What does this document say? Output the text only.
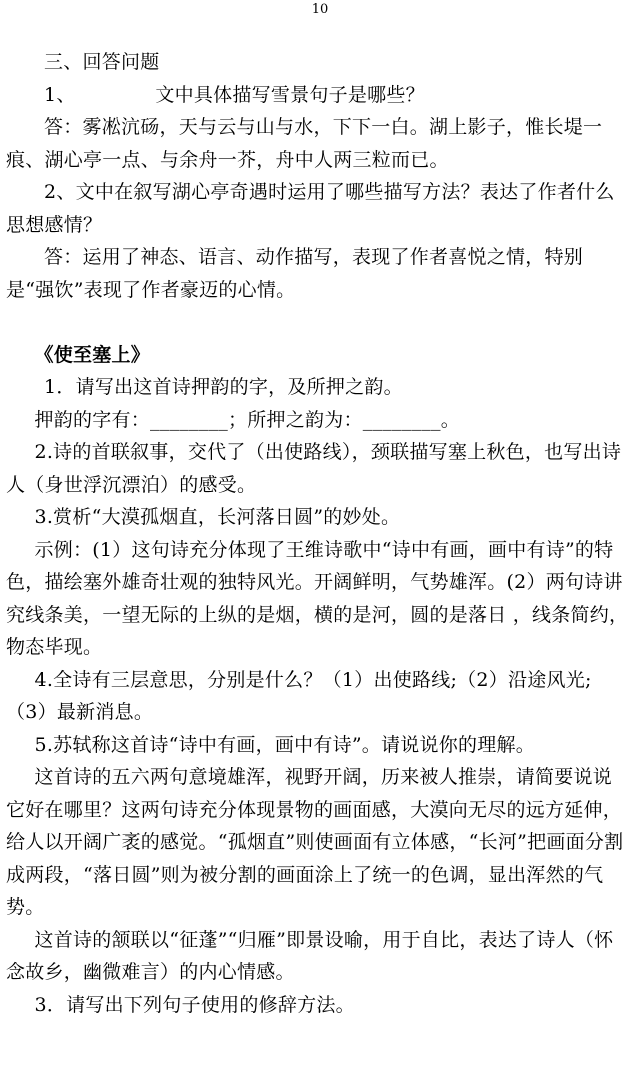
10

三、回答问题

1、	文中具体描写雪景句子是哪些？

答：雾凇沆砀，天与云与山与水，下下一白。湖上影子，惟长堤一痕、湖心亭一点、与余舟一芥，舟中人两三粒而已。

2、文中在叙写湖心亭奇遇时运用了哪些描写方法？表达了作者什么思想感情？

答：运用了神态、语言、动作描写，表现了作者喜悦之情，特别是“强饮”表现了作者豪迈的心情。

《使至塞上》

1．请写出这首诗押韵的字，及所押之韵。

押韵的字有：________；所押之韵为：________。

2.诗的首联叙事，交代了（出使路线），颈联描写塞上秋色，也写出诗人（身世浮沉漂泊）的感受。

3.赏析“大漠孤烟直，长河落日圆”的妙处。

示例：(1）这句诗充分体现了王维诗歌中“诗中有画，画中有诗”的特色，描绘塞外雄奇壮观的独特风光。开阔鲜明，气势雄浑。(2）两句诗讲究线条美，一望无际的上纵的是烟，横的是河，圆的是落日 ，线条简约，物态毕现。

4.全诗有三层意思，分别是什么？（1）出使路线;（2）沿途风光;（3）最新消息。

5.苏轼称这首诗“诗中有画，画中有诗”。请说说你的理解。

这首诗的五六两句意境雄浑，视野开阔，历来被人推崇，请简要说说它好在哪里？这两句诗充分体现景物的画面感，大漠向无尽的远方延伸，给人以开阔广袤的感觉。“孤烟直”则使画面有立体感，“长河”把画面分割成两段，“落日圆”则为被分割的画面涂上了统一的色调，显出浑然的气势。

这首诗的颔联以“征蓬”“归雁”即景设喻，用于自比，表达了诗人（怀念故乡，幽微难言）的内心情感。

3．请写出下列句子使用的修辞方法。
